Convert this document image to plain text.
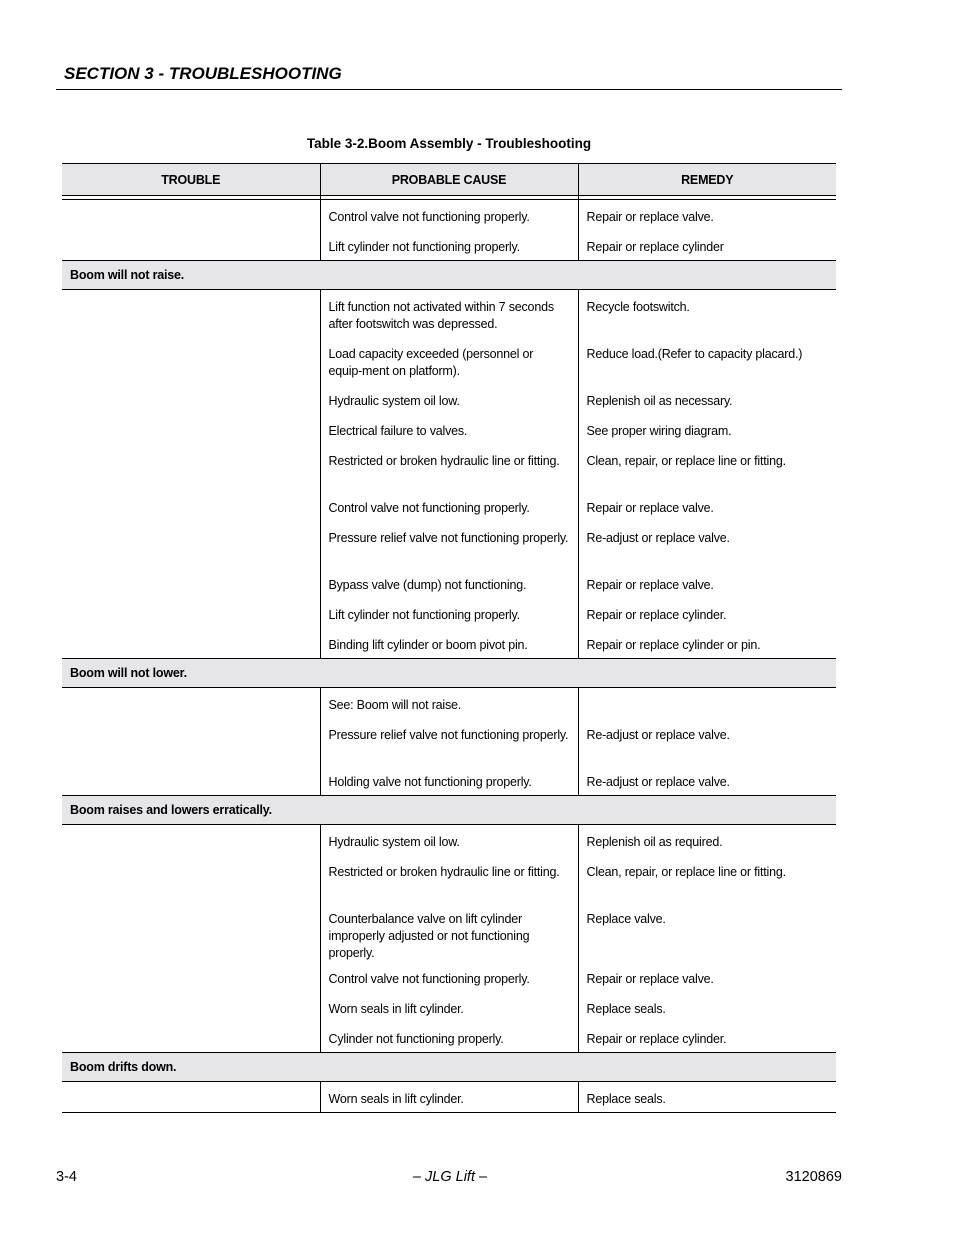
SECTION 3 - TROUBLESHOOTING
Table 3-2.Boom Assembly - Troubleshooting
TROUBLE	PROBABLE CAUSE	REMEDY

	Control valve not functioning properly.	Repair or replace valve.
	Lift cylinder not functioning properly.	Repair or replace cylinder
Boom will not raise.		
	Lift function not activated within 7 seconds after footswitch was depressed.	Recycle footswitch.
	Load capacity exceeded (personnel or equip-ment on platform).	Reduce load.(Refer to capacity placard.)
	Hydraulic system oil low.	Replenish oil as necessary.
	Electrical failure to valves.	See proper wiring diagram.
	Restricted or broken hydraulic line or fitting.	Clean, repair, or replace line or fitting.
	Control valve not functioning properly.	Repair or replace valve.
	Pressure relief valve not functioning properly.	Re-adjust or replace valve.
	Bypass valve (dump) not functioning.	Repair or replace valve.
	Lift cylinder not functioning properly.	Repair or replace cylinder.
	Binding lift cylinder or boom pivot pin.	Repair or replace cylinder or pin.
Boom will not lower.		
	See: Boom will not raise.	
	Pressure relief valve not functioning properly.	Re-adjust or replace valve.
	Holding valve not functioning properly.	Re-adjust or replace valve.
Boom raises and lowers erratically.		
	Hydraulic system oil low.	Replenish oil as required.
	Restricted or broken hydraulic line or fitting.	Clean, repair, or replace line or fitting.
	Counterbalance valve on lift cylinder improperly adjusted or not functioning properly.	Replace valve.
	Control valve not functioning properly.	Repair or replace valve.
	Worn seals in lift cylinder.	Replace seals.
	Cylinder not functioning properly.	Repair or replace cylinder.
Boom drifts down.		
	Worn seals in lift cylinder.	Replace seals.
3-4	– JLG Lift –	3120869
